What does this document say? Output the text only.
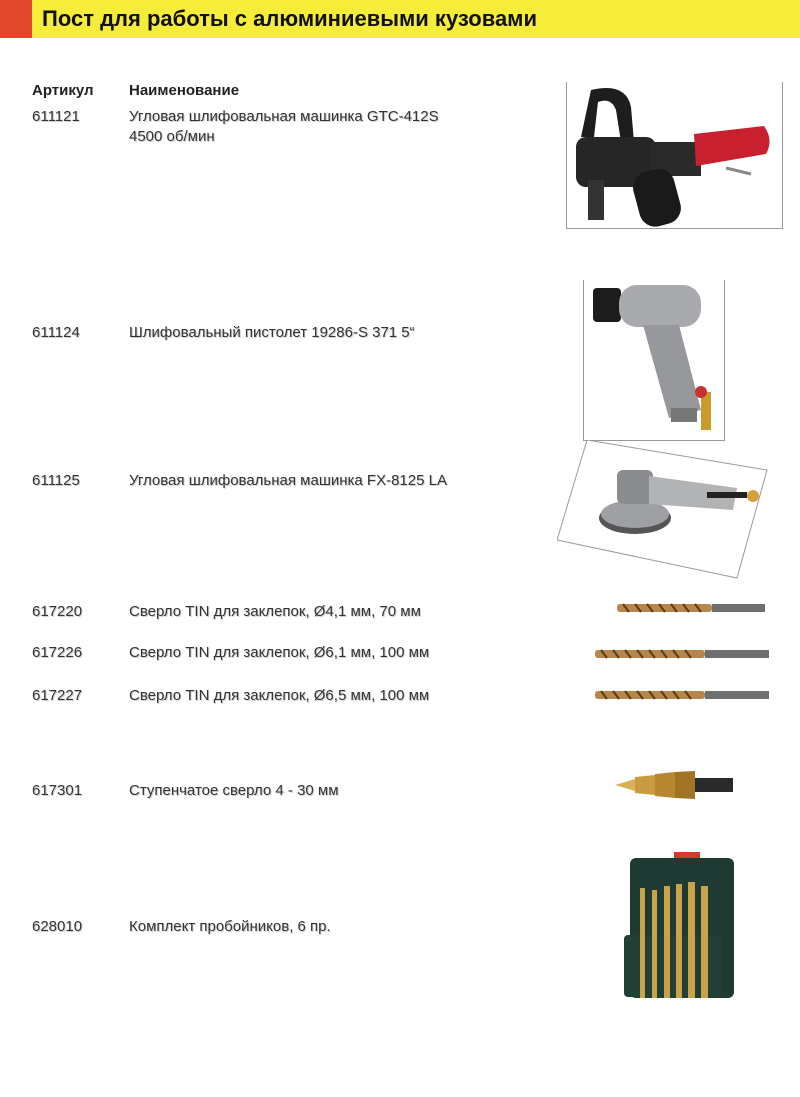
Пост для работы с алюминиевыми кузовами
Артикул Наименование
611121	Угловая шлифовальная машинка GTC-412S
4500 об/мин
611124	Шлифовальный пистолет 19286-S 371 5“
611125	Угловая шлифовальная машинка FX-8125 LA
617220	Сверло TIN для заклепок, Ø4,1 мм, 70 мм
617226	Сверло TIN для заклепок, Ø6,1 мм, 100 мм
617227	Сверло TIN для заклепок, Ø6,5 мм, 100 мм
617301	Ступенчатое сверло 4 - 30 мм
628010	Комплект пробойников, 6 пр.
